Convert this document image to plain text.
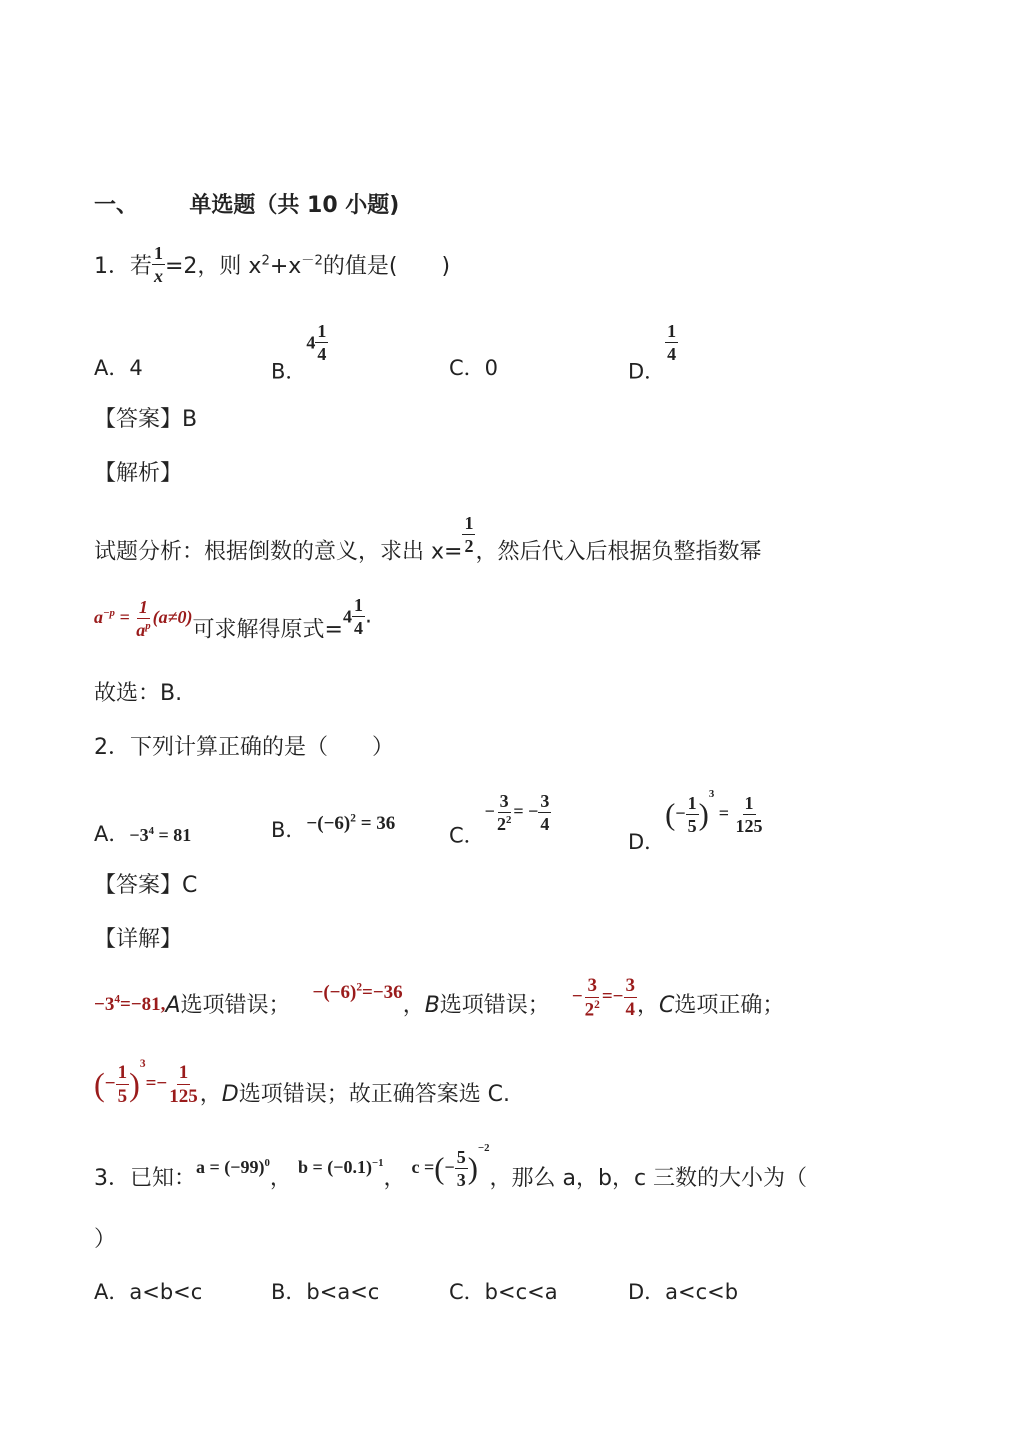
一、 单选题（共 10 小题)
1．若 $\frac{1}{x} =2$，则 $x^2+x^{-2}$的值是(　　)
A．4	B．$4 \frac{1}{4}$
C．0	D．
$\frac{1}{4}$
【答案】B
【解析】
试题分析：根据倒数的意义，求出 $x= \frac{1}{2}$ ，然后代入后根据负整指数幂
$a^{-p} = \frac{1}{a^p} (a\ne 0)$可求解得原式$=4 \frac{1}{4}$ .
故选：B.
2．下列计算正确的是（　　）
A．$-3^4 = 81$	B．$-(-6)^2 = 36$
C．− $\frac{3}{2^2}$ = − $\frac{3}{4}$
D．(− $\frac{1}{5} )^3 = \frac{1}{125}$
【答案】C
【详解】
$-3^4=-81,A$选项错误；  $-(-6)^2=-36$，B选项错误； − $\frac{3}{2^2} =- \frac{3}{4}$ ，C选项正确；
(− $\frac{1}{5} )^3=- \frac{1}{125}$ ，D选项错误；故正确答案选 C.
3．已知：$a = (-99)^0$， $b = (-0.1)^{-1}$， c =(− $\frac{5}{3} )^{-2}$，那么 a，b，c 三数的大小为（
）
A．a<b<c	B．b<a<c	C．b<c<a	D．a<c<b
